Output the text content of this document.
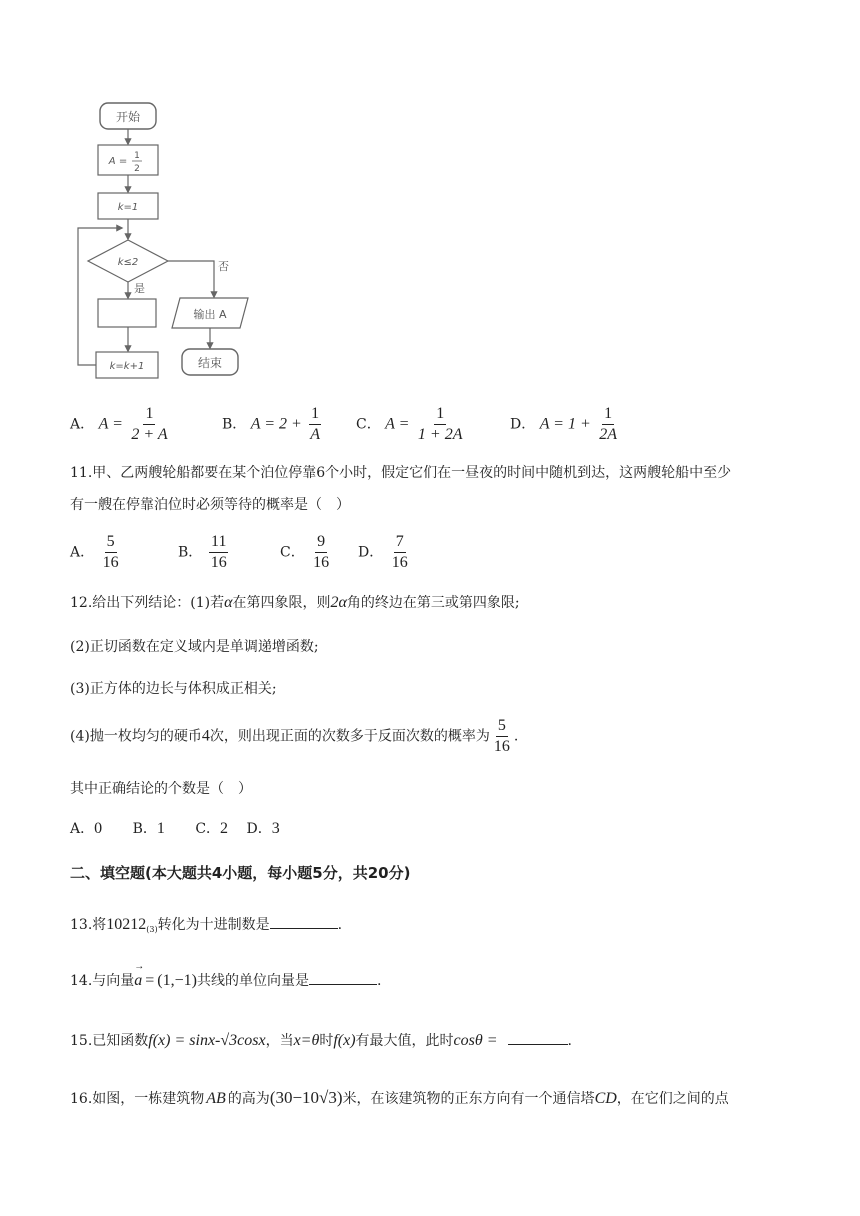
开始
A = 1
2
k=1
k≤2
是
k=k+1
否
输出 A
结束
A． $A = \frac{1}{2 + A}$	B． $A = 2 + \frac{1}{A}$ C． $A = \frac{1}{1 + 2A}$	D． $A = 1 + \frac{1}{2A}$
11.甲、乙两艘轮船都要在某个泊位停靠6个小时，假定它们在一昼夜的时间中随机到达，这两艘轮船中至少
有一艘在停靠泊位时必须等待的概率是（　）
A． $\frac{5}{16}$	B． $\frac{11}{16}$	C． $\frac{9}{16}$ D． $\frac{7}{16}$
12.给出下列结论：(1)若α在第四象限，则2α角的终边在第三或第四象限;
(2)正切函数在定义域内是单调递增函数;
(3)正方体的边长与体积成正相关;
(4)抛一枚均匀的硬币4次，则出现正面的次数多于反面次数的概率为 $\frac{5}{16}$ .
其中正确结论的个数是（　）
A．0 B．1 C．2 D．3
二、填空题(本大题共4小题，每小题5分，共20分)
13.将$10212_{(3)}$转化为十进制数是	.
14.与向量a
→
= (1,−1)共线的单位向量是	.
15.已知函数f(x) = sinx-√3cosx，当x=θ时f(x)有最大值，此时cosθ =	.
16.如图，一栋建筑物 AB 的高为(30−10√3)米，在该建筑物的正东方向有一个通信塔CD，在它们之间的点
